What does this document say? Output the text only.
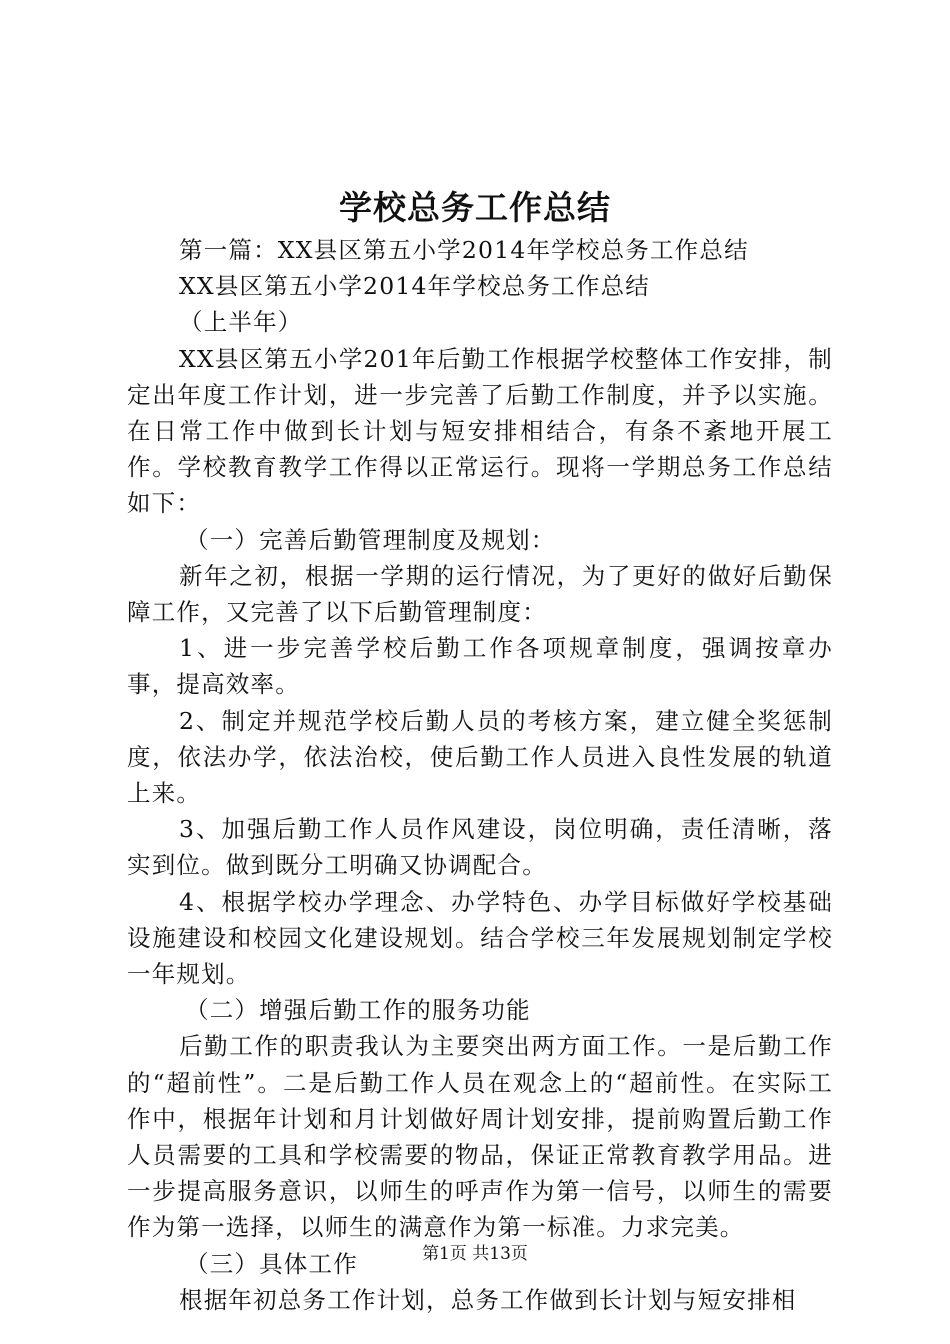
学校总务工作总结

第一篇：XX县区第五小学2014年学校总务工作总结

XX县区第五小学2014年学校总务工作总结

（上半年）

XX县区第五小学201年后勤工作根据学校整体工作安排，制定出年度工作计划，进一步完善了后勤工作制度，并予以实施。在日常工作中做到长计划与短安排相结合，有条不紊地开展工作。学校教育教学工作得以正常运行。现将一学期总务工作总结如下：

（一）完善后勤管理制度及规划：

新年之初，根据一学期的运行情况，为了更好的做好后勤保障工作，又完善了以下后勤管理制度：

1、进一步完善学校后勤工作各项规章制度，强调按章办事，提高效率。

2、制定并规范学校后勤人员的考核方案，建立健全奖惩制度，依法办学，依法治校，使后勤工作人员进入良性发展的轨道上来。

3、加强后勤工作人员作风建设，岗位明确，责任清晰，落实到位。做到既分工明确又协调配合。

4、根据学校办学理念、办学特色、办学目标做好学校基础设施建设和校园文化建设规划。结合学校三年发展规划制定学校一年规划。

（二）增强后勤工作的服务功能

后勤工作的职责我认为主要突出两方面工作。一是后勤工作的“超前性”。二是后勤工作人员在观念上的“超前性。在实际工作中，根据年计划和月计划做好周计划安排，提前购置后勤工作人员需要的工具和学校需要的物品，保证正常教育教学用品。进一步提高服务意识，以师生的呼声作为第一信号，以师生的需要作为第一选择，以师生的满意作为第一标准。力求完美。

（三）具体工作

根据年初总务工作计划，总务工作做到长计划与短安排相

第1页 共13页
